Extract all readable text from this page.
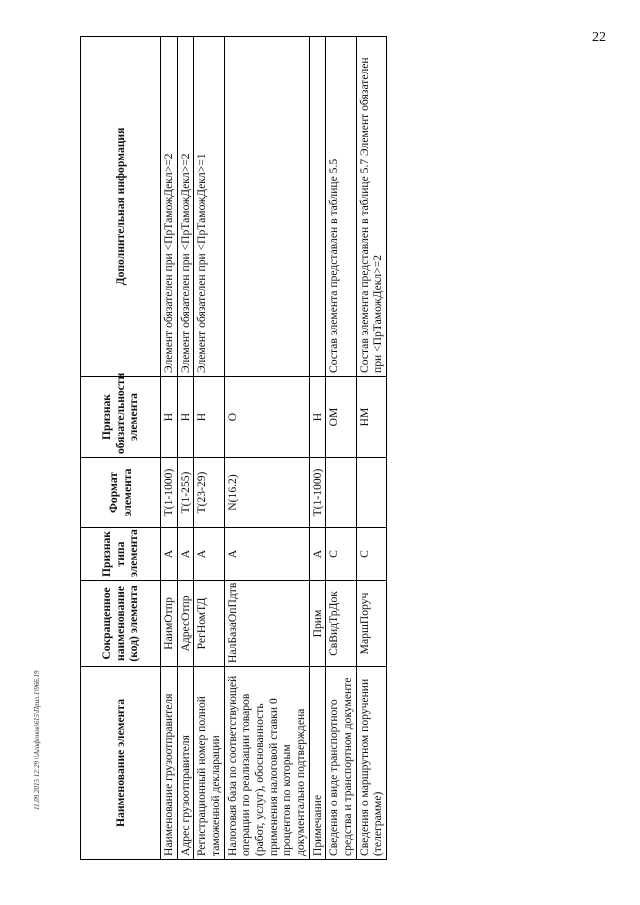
22
Наименование элемента	Сокращенное наименование (код) элемента	Признак типа элемента	Формат элемента	Признак обязательности элемента	Дополнительная информация
Наименование грузоотправителя	НаимОтпр	А	T(1-1000)	Н	Элемент обязателен при <ПрТаможДекл>=2
Адрес грузоотправителя	АдресОтпр	А	T(1-255)	Н	Элемент обязателен при <ПрТаможДекл>=2
Регистрационный номер полной таможенной декларации	РегНомТД	А	T(23-29)	Н	Элемент обязателен при <ПрТаможДекл>=1
Налоговая база по соответствующей операции по реализации товаров (работ, услуг), обоснованность применения налоговой ставки 0 процентов по которым документально подтверждена	НалБазаОпПдтв	А	N(16.2)	О	
Примечание	Прим	А	T(1-1000)	Н	
Сведения о виде транспортного средства и транспортном документе	СвВидТрДок	С		ОМ	Состав элемента представлен в таблице 5.5
Сведения о маршрутном поручении (телеграмме)	МаршПоруч	С		НМ	Состав элемента представлен в таблице 5.7 Элемент обязателен при <ПрТаможДекл>=2
11.09.2015 12:29 \\Агафонов\615\Прил.1\966.19
